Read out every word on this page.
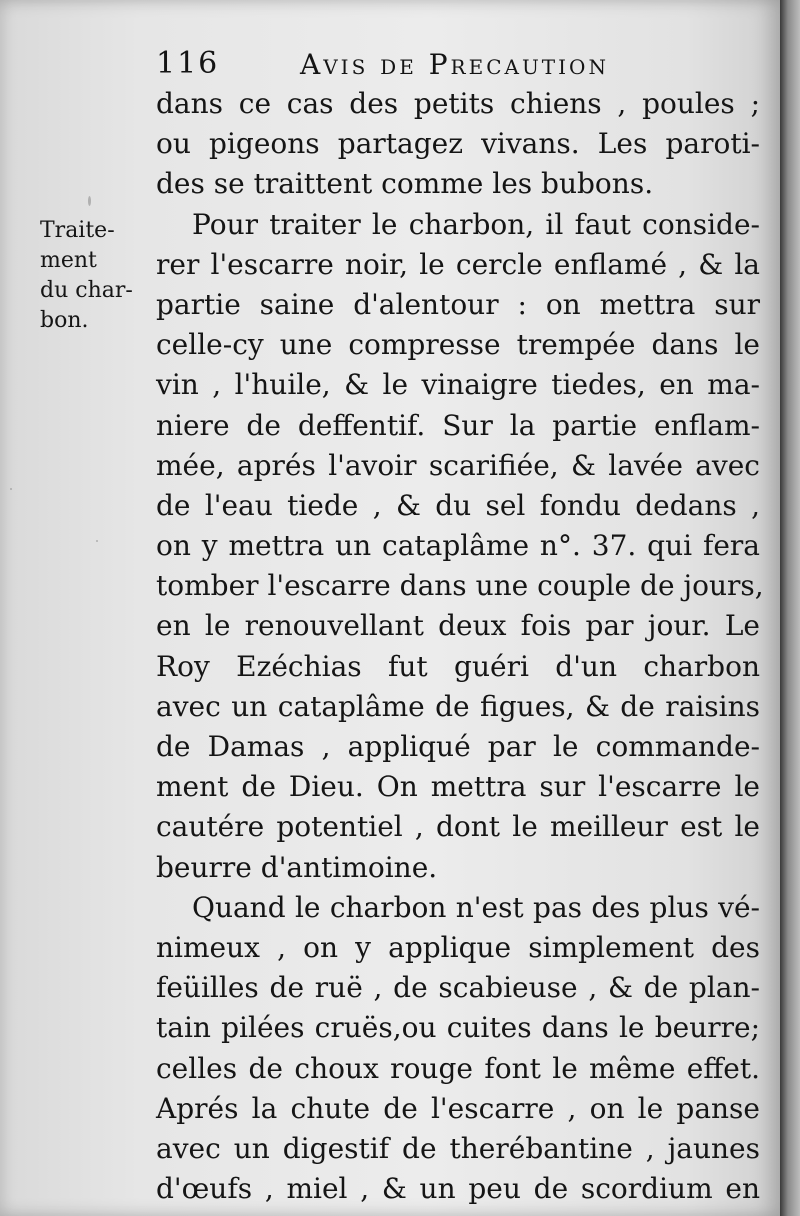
116	Avis de Precaution
Traite-
ment
du char-
bon.
dans ce cas des petits chiens , poules ;
ou pigeons partagez vivans. Les paroti-
des se traittent comme les bubons.
Pour traiter le charbon, il faut conside-
rer l'escarre noir, le cercle enflamé , & la
partie saine d'alentour : on mettra sur
celle-cy une compresse trempée dans le
vin , l'huile, & le vinaigre tiedes, en ma-
niere de deffentif. Sur la partie enflam-
mée, aprés l'avoir scarifiée, & lavée avec
de l'eau tiede , & du sel fondu dedans ,
on y mettra un cataplâme n°. 37. qui fera
tomber l'escarre dans une couple de jours,
en le renouvellant deux fois par jour. Le
Roy Ezéchias fut guéri d'un charbon
avec un cataplâme de figues, & de raisins
de Damas , appliqué par le commande-
ment de Dieu. On mettra sur l'escarre le
cautére potentiel , dont le meilleur est le
beurre d'antimoine.
Quand le charbon n'est pas des plus vé-
nimeux , on y applique simplement des
feüilles de ruë , de scabieuse , & de plan-
tain pilées cruës,ou cuites dans le beurre;
celles de choux rouge font le même effet.
Aprés la chute de l'escarre , on le panse
avec un digestif de therébantine , jaunes
d'œufs , miel , & un peu de scordium en
